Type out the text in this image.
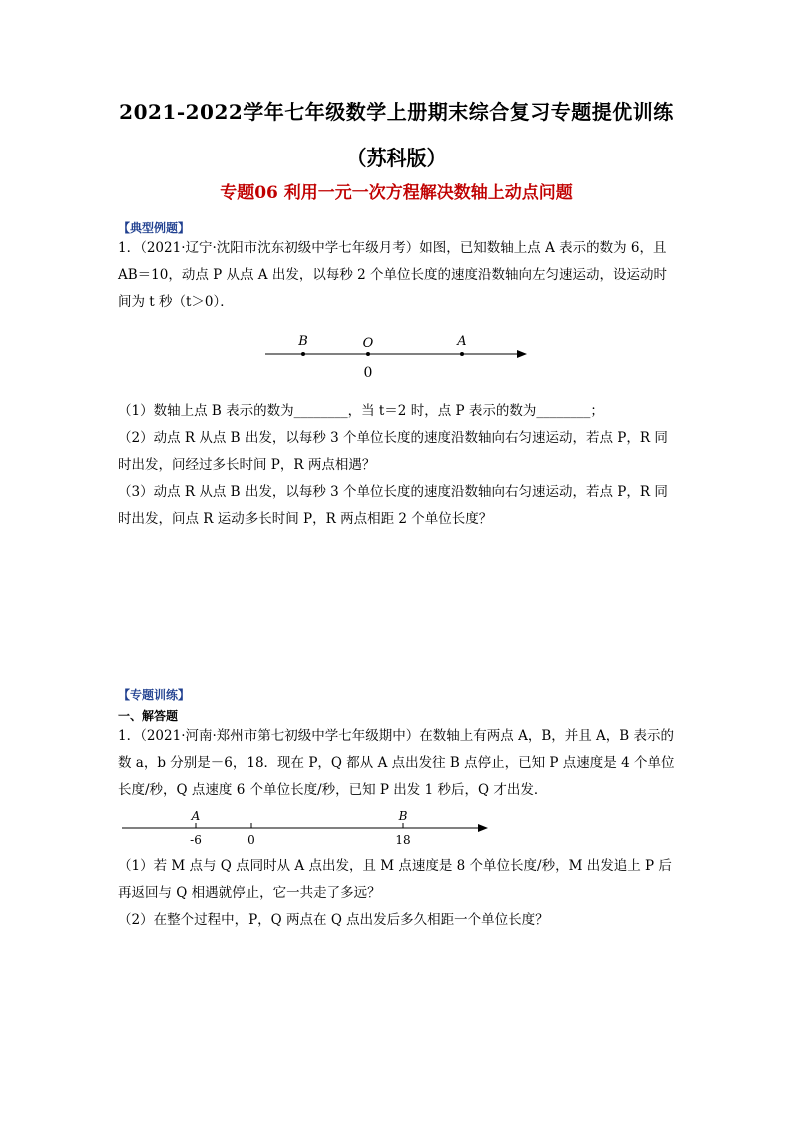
2021-2022学年七年级数学上册期末综合复习专题提优训练
（苏科版）
专题06 利用一元一次方程解决数轴上动点问题
【典型例题】
1．（2021·辽宁·沈阳市沈东初级中学七年级月考）如图，已知数轴上点 A 表示的数为 6，且
AB＝10，动点 P 从点 A 出发，以每秒 2 个单位长度的速度沿数轴向左匀速运动，设运动时
间为 t 秒（t＞0）．
B	O	A
0
（1）数轴上点 B 表示的数为________，当 t＝2 时，点 P 表示的数为________；
（2）动点 R 从点 B 出发，以每秒 3 个单位长度的速度沿数轴向右匀速运动，若点 P，R 同
时出发，问经过多长时间 P，R 两点相遇？
（3）动点 R 从点 B 出发，以每秒 3 个单位长度的速度沿数轴向右匀速运动，若点 P，R 同
时出发，问点 R 运动多长时间 P，R 两点相距 2 个单位长度？
【专题训练】
一、解答题
1．（2021·河南·郑州市第七初级中学七年级期中）在数轴上有两点 A，B，并且 A，B 表示的
数 a，b 分别是－6，18．现在 P，Q 都从 A 点出发往 B 点停止，已知 P 点速度是 4 个单位
长度/秒，Q 点速度 6 个单位长度/秒，已知 P 出发 1 秒后，Q 才出发．
A	B
-6	0	18
（1）若 M 点与 Q 点同时从 A 点出发，且 M 点速度是 8 个单位长度/秒，M 出发追上 P 后
再返回与 Q 相遇就停止，它一共走了多远？
（2）在整个过程中，P，Q 两点在 Q 点出发后多久相距一个单位长度？
